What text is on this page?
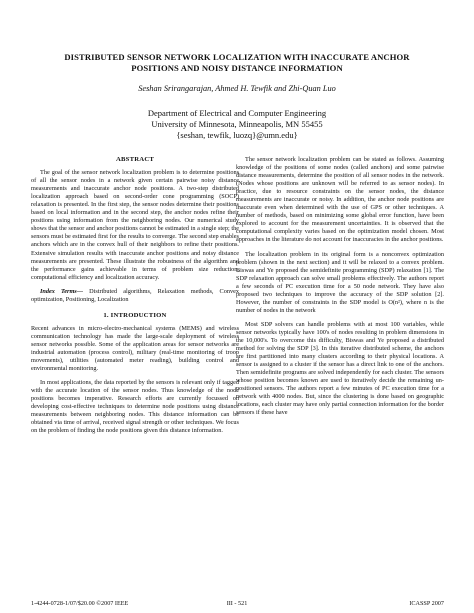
DISTRIBUTED SENSOR NETWORK LOCALIZATION WITH INACCURATE ANCHOR
POSITIONS AND NOISY DISTANCE INFORMATION
Seshan Srirangarajan, Ahmed H. Tewfik and Zhi-Quan Luo
Department of Electrical and Computer Engineering
University of Minnesota, Minneapolis, MN 55455
{seshan, tewfik, luozq}@umn.edu}
ABSTRACT

The goal of the sensor network localization problem is to determine positions of all the sensor nodes in a network given certain pairwise noisy distance measurements and inaccurate anchor node positions. A two-step distributed localization approach based on second-order cone programming (SOCP) relaxation is presented. In the first step, the sensor nodes determine their positions based on local information and in the second step, the anchor nodes refine their positions using information from the neighboring nodes. Our numerical study shows that the sensor and anchor positions cannot be estimated in a single step; the sensors must be estimated first for the results to converge. The second step enables anchors which are in the convex hull of their neighbors to refine their positions. Extensive simulation results with inaccurate anchor positions and noisy distance measurements are presented. These illustrate the robustness of the algorithm and the performance gains achievable in terms of problem size reduction, computational efficiency and localization accuracy.

Index Terms— Distributed algorithms, Relaxation methods, Convex optimization, Positioning, Localization

1. INTRODUCTION

Recent advances in micro-electro-mechanical systems (MEMS) and wireless communication technology has made the large-scale deployment of wireless sensor networks possible. Some of the application areas for sensor networks are industrial automation (process control), military (real-time monitoring of troop movements), utilities (automated meter reading), building control and environmental monitoring.

In most applications, the data reported by the sensors is relevant only if tagged with the accurate location of the sensor nodes. Thus knowledge of the node positions becomes imperative. Research efforts are currently focussed on developing cost-effective techniques to determine node positions using distance measurements between neighboring nodes. This distance information can be obtained via time of arrival, received signal strength or other techniques. We focus on the problem of finding the node positions given this distance information.

The sensor network localization problem can be stated as follows. Assuming knowledge of the positions of some nodes (called anchors) and some pairwise distance measurements, determine the position of all sensor nodes in the network. (Nodes whose positions are unknown will be referred to as sensor nodes). In practice, due to resource constraints on the sensor nodes, the distance measurements are inaccurate or noisy. In addition, the anchor node positions are inaccurate even when determined with the use of GPS or other techniques. A number of methods, based on minimizing some global error function, have been explored to account for the measurement uncertainties. It is observed that the computational complexity varies based on the optimization model chosen. Most approaches in the literature do not account for inaccuracies in the anchor positions.

The localization problem in its original form is a nonconvex optimization problem (shown in the next section) and it will be relaxed to a convex problem. Biswas and Ye proposed the semidefinite programming (SDP) relaxation [1]. The SDP relaxation approach can solve small problems effectively. The authors report a few seconds of PC execution time for a 50 node network. They have also proposed two techniques to improve the accuracy of the SDP solution [2]. However, the number of constraints in the SDP model is O(n²), where n is the number of nodes in the network

Most SDP solvers can handle problems with at most 100 variables, while sensor networks typically have 100's of nodes resulting in problem dimensions in the 10,000's. To overcome this difficulty, Biswas and Ye proposed a distributed method for solving the SDP [3]. In this iterative distributed scheme, the anchors are first partitioned into many clusters according to their physical locations. A sensor is assigned to a cluster if the sensor has a direct link to one of the anchors. Then semidefinite programs are solved independently for each cluster. The sensors whose position becomes known are used to iteratively decide the remaining un-positioned sensors. The authors report a few minutes of PC execution time for a network with 4000 nodes. But, since the clustering is done based on geographic locations, each cluster may have only partial connection information for the border sensors if these have

1-4244-0728-1/07/$20.00 ©2007 IEEE	III - 521	ICASSP 2007
